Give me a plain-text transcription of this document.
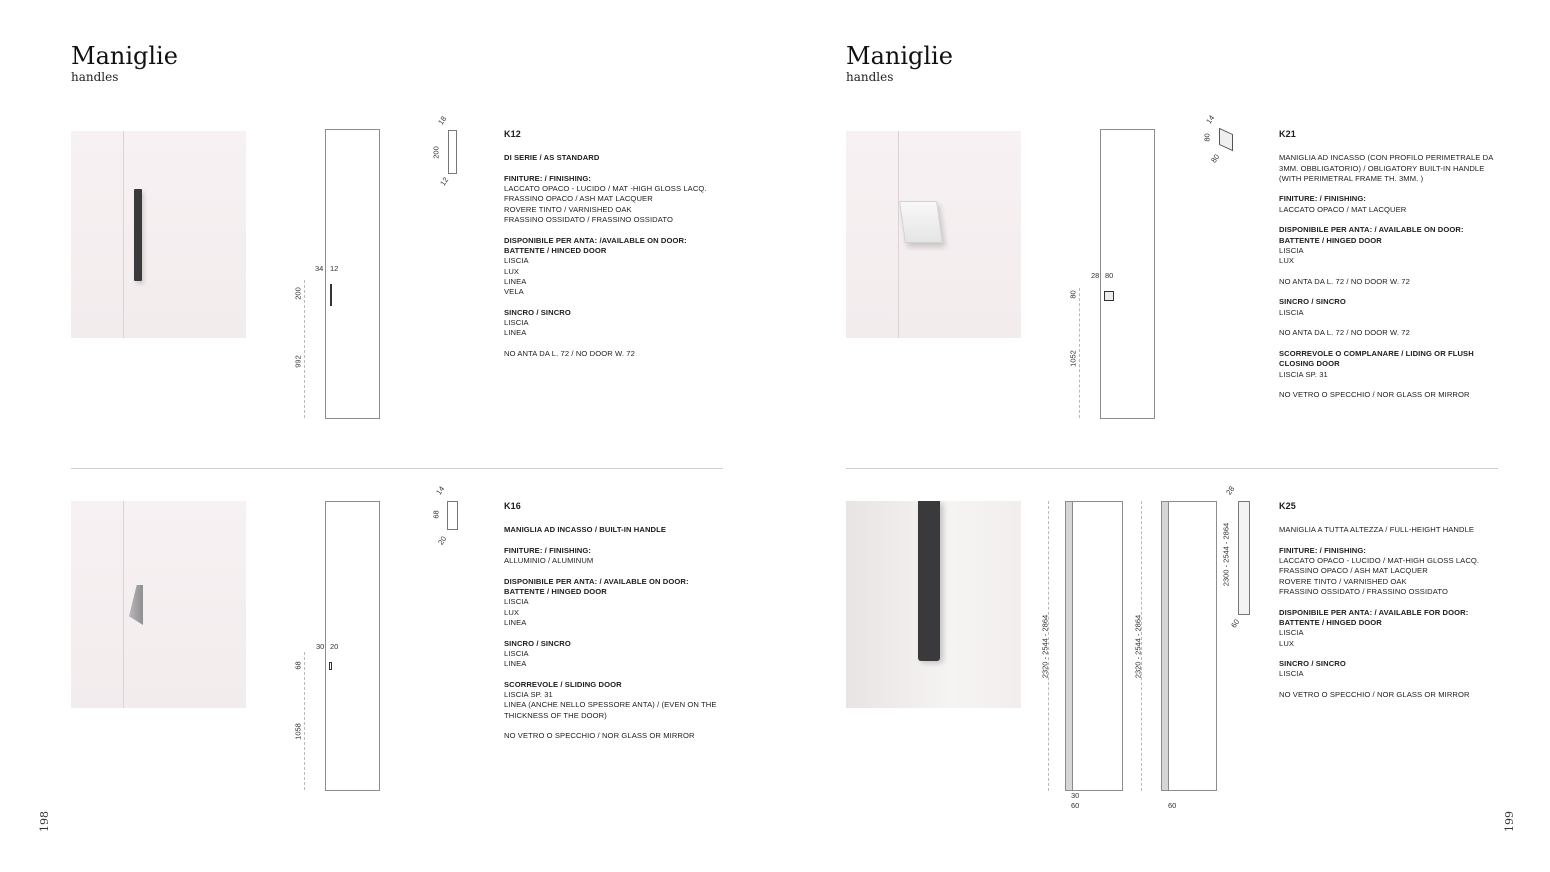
Maniglie
handles
200
992
34 12
18
200
12
K12
DI SERIE / AS STANDARD
FINITURE: / FINISHING:
LACCATO OPACO - LUCIDO / MAT -HIGH GLOSS LACQ.
FRASSINO OPACO / ASH MAT LACQUER
ROVERE TINTO / VARNISHED OAK
FRASSINO OSSIDATO / FRASSINO OSSIDATO
DISPONIBILE PER ANTA: /AVAILABLE ON DOOR:
BATTENTE / HINCED DOOR
LISCIA
LUX
LINEA
VELA
SINCRO / SINCRO
LISCIA
LINEA
NO ANTA DA L. 72 / NO DOOR W. 72
68
1058
30 20
14
68
20
K16
MANIGLIA AD INCASSO / BUILT-IN HANDLE
FINITURE: / FINISHING:
ALLUMINIO / ALUMINUM
DISPONIBILE PER ANTA: / AVAILABLE ON DOOR:
BATTENTE / HINGED DOOR
LISCIA
LUX
LINEA
SINCRO / SINCRO
LISCIA
LINEA
SCORREVOLE / SLIDING DOOR
LISCIA SP. 31
LINEA (ANCHE NELLO SPESSORE ANTA) / (EVEN ON THE
THICKNESS OF THE DOOR)
NO VETRO O SPECCHIO / NOR GLASS OR MIRROR
198
Maniglie
handles
80
1052
28 80
14
80
80
K21
MANIGLIA AD INCASSO (CON PROFILO PERIMETRALE DA
3MM. OBBLIGATORIO) / OBLIGATORY BUILT-IN HANDLE
(WITH PERIMETRAL FRAME TH. 3MM. )
FINITURE: / FINISHING:
LACCATO OPACO / MAT LACQUER
DISPONIBILE PER ANTA: / AVAILABLE ON DOOR:
BATTENTE / HINGED DOOR
LISCIA
LUX
NO ANTA DA L. 72 / NO DOOR W. 72
SINCRO / SINCRO
LISCIA
NO ANTA DA L. 72 / NO DOOR W. 72
SCORREVOLE O COMPLANARE / LIDING OR FLUSH
CLOSING DOOR
LISCIA SP. 31
NO VETRO O SPECCHIO / NOR GLASS OR MIRROR
2320 - 2544 - 2864
30
60
2320 - 2544 - 2864
60
28
2300 - 2544 - 2864
60
K25
MANIGLIA A TUTTA ALTEZZA / FULL-HEIGHT HANDLE
FINITURE: / FINISHING:
LACCATO OPACO - LUCIDO / MAT-HIGH GLOSS LACQ.
FRASSINO OPACO / ASH MAT LACQUER
ROVERE TINTO / VARNISHED OAK
FRASSINO OSSIDATO / FRASSINO OSSIDATO
DISPONIBILE PER ANTA: / AVAILABLE FOR DOOR:
BATTENTE / HINGED DOOR
LISCIA
LUX
SINCRO / SINCRO
LISCIA
NO VETRO O SPECCHIO / NOR GLASS OR MIRROR
199
